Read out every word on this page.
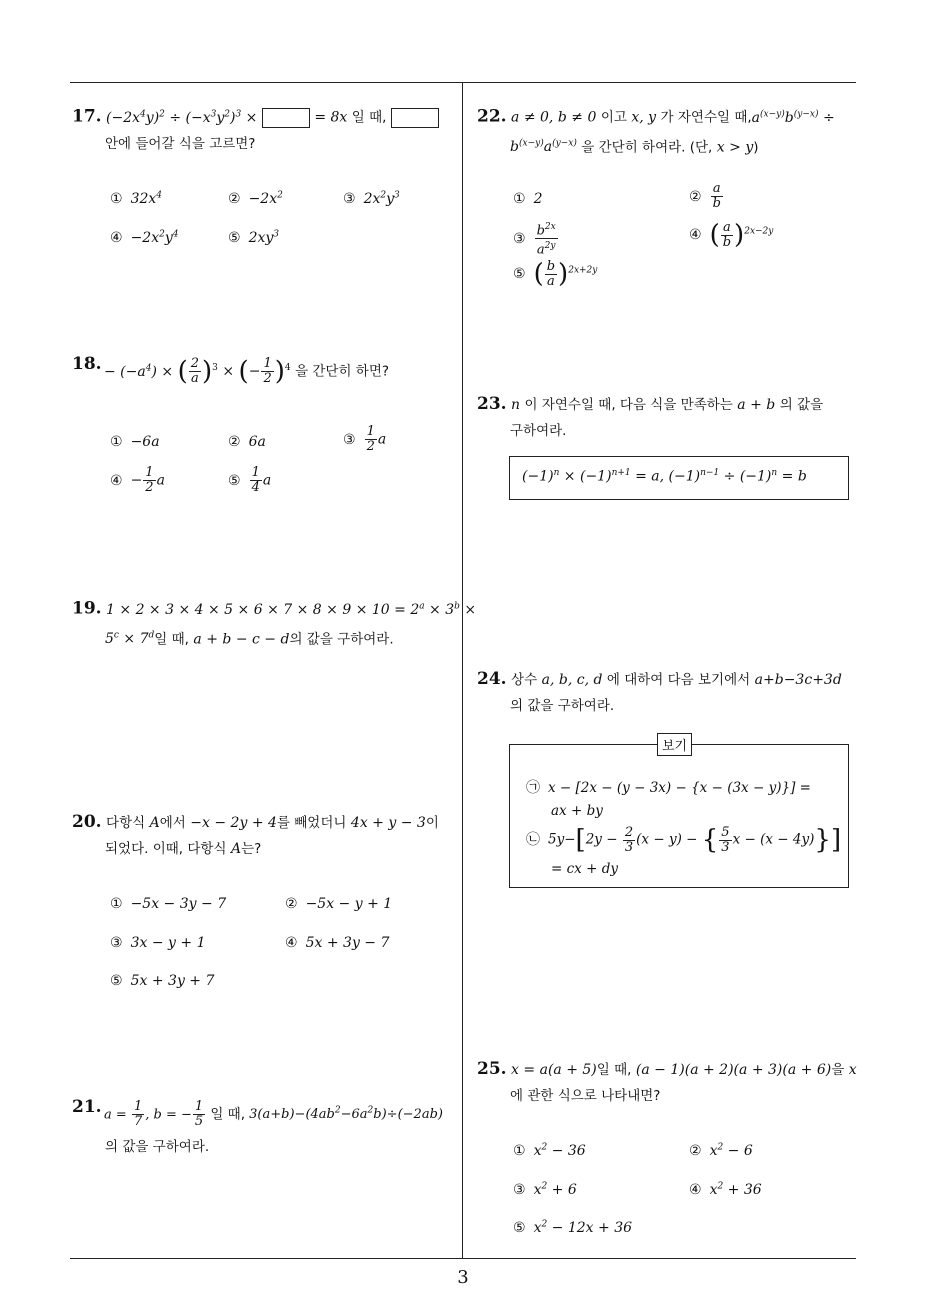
17. $(-2x^4y)^2 \div (-x^3y^2)^3$ ×	= 8x 일 때,
안에 들어갈 식을 고르면?
① $32x^4$	② $-2x^2$	③ $2x^2y^3$
④ $-2x^2y^4$	⑤ $2xy^3$
18. − $(-a^4)$ × ( $\frac{2}{a} )^3$ × (− $\frac{1}{2} )^4$ 을 간단히 하면?
① −6a	② 6a	③ $\frac{1}{2}$ a
④ − $\frac{1}{2}$ a	⑤ $\frac{1}{4}$ a
19. $1 \times 2 \times 3 \times 4 \times 5 \times 6 \times 7 \times 8 \times 9 \times 10 = 2^a \times 3^b$ ×
$5^c \times 7^d$일 때, a + b − c − d의 값을 구하여라.
20. 다항식 A에서 −x − 2y + 4를 빼었더니 4x + y − 3이
되었다. 이때, 다항식 A는?
① −5x − 3y − 7	② −5x − y + 1
③ 3x − y + 1	④ 5x + 3y − 7
⑤ 5x + 3y + 7
21. $a = \frac{1}{7}$ , b = − $\frac{1}{5}$ 일 때, $3(a+b)-(4ab^2-6a^2b)\div(-2ab)$
의 값을 구하여라.
22. a ≠ 0, b ≠ 0 이고 x, y 가 자연수일 때$,a^{(x-y)}b^{(y-x)}$ ÷
$b^{(x-y)}a^{(y-x)}$ 을 간단히 하여라. (단, x > y)
① 2	② $\frac{a}{b}$
③ $\frac{b^{2x}}{a^{2y}}$	④ ( $\frac{a}{b} )^{2x-2y}$
⑤ ( $\frac{b}{a} )^{2x+2y}$
23. n 이 자연수일 때, 다음 식을 만족하는 a + b 의 값을
구하여라.
$(-1)^n \times (-1)^{n+1} = a$, $(-1)^{n-1} \div (-1)^n = b$
24. 상수 a, b, c, d 에 대하여 다음 보기에서 a+b−3c+3d
의 값을 구하여라.
보기
㉠ x − [2x − (y − 3x) − {x − (3x − y)}] =
ax + by
㉡ $5y-[2y - \frac{2}{3} (x - y)$ − { $\frac{5}{3}$ x − (x − 4y)}]
= cx + dy
25. x = a(a + 5)일 때, (a − 1)(a + 2)(a + 3)(a + 6)을 x
에 관한 식으로 나타내면?
① $x^2 - 36$	② $x^2 - 6$
③ $x^2 + 6$	④ $x^2 + 36$
⑤ $x^2 - 12x + 36$
3
